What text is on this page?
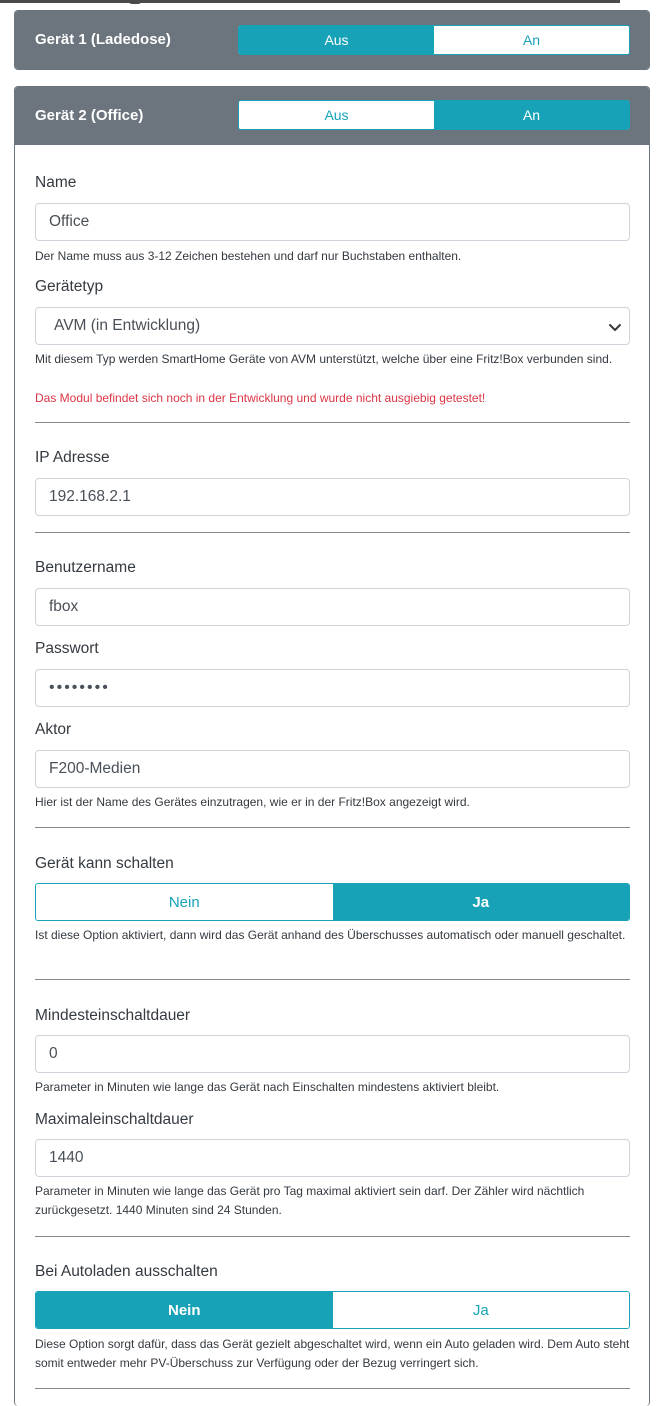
Gerät 1 (Ladedose)	Aus	An
Gerät 2 (Office)	Aus	An
Name
Office
Der Name muss aus 3-12 Zeichen bestehen und darf nur Buchstaben enthalten.
Gerätetyp
AVM (in Entwicklung)
Mit diesem Typ werden SmartHome Geräte von AVM unterstützt, welche über eine Fritz!Box verbunden sind.
Das Modul befindet sich noch in der Entwicklung und wurde nicht ausgiebig getestet!
IP Adresse
192.168.2.1
Benutzername
fbox
Passwort
••••••••
Aktor
F200-Medien
Hier ist der Name des Gerätes einzutragen, wie er in der Fritz!Box angezeigt wird.
Gerät kann schalten
Nein	Ja
Ist diese Option aktiviert, dann wird das Gerät anhand des Überschusses automatisch oder manuell geschaltet.
Mindesteinschaltdauer
0
Parameter in Minuten wie lange das Gerät nach Einschalten mindestens aktiviert bleibt.
Maximaleinschaltdauer
1440
Parameter in Minuten wie lange das Gerät pro Tag maximal aktiviert sein darf. Der Zähler wird nächtlich zurückgesetzt. 1440 Minuten sind 24 Stunden.
Bei Autoladen ausschalten
Nein	Ja
Diese Option sorgt dafür, dass das Gerät gezielt abgeschaltet wird, wenn ein Auto geladen wird. Dem Auto steht somit entweder mehr PV-Überschuss zur Verfügung oder der Bezug verringert sich.
